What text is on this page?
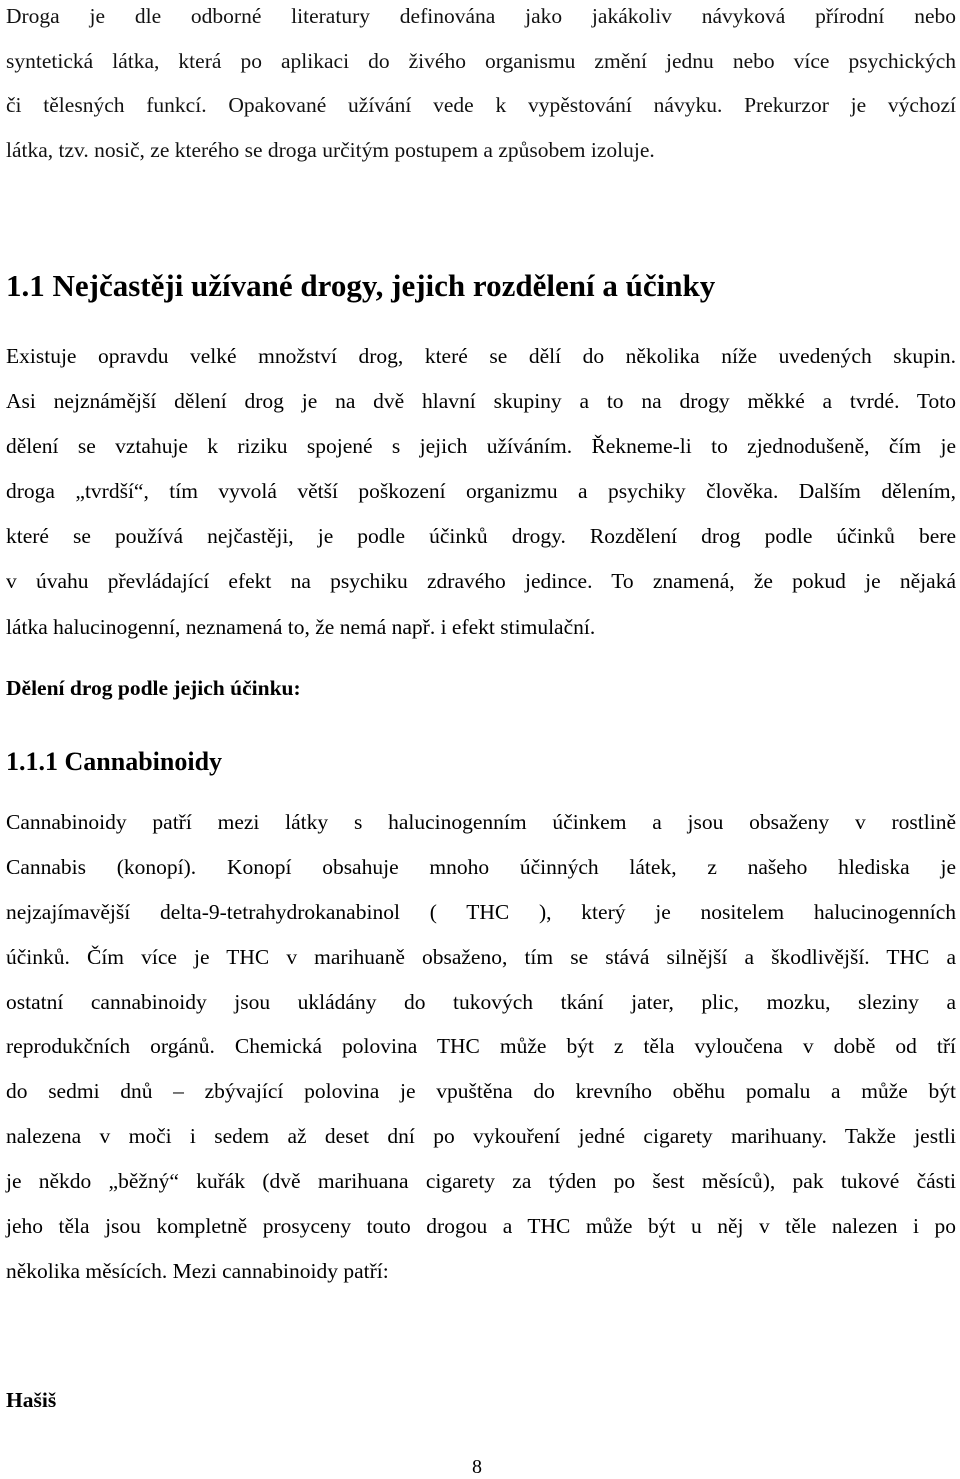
Droga je dle odborné literatury definována jako jakákoliv návyková přírodní nebo
syntetická látka, která po aplikaci do živého organismu změní jednu nebo více psychických
či tělesných funkcí. Opakované užívání vede k vypěstování návyku. Prekurzor je výchozí
látka, tzv. nosič, ze kterého se droga určitým postupem a způsobem izoluje.
1.1 Nejčastěji užívané drogy, jejich rozdělení a účinky
Existuje opravdu velké množství drog, které se dělí do několika níže uvedených skupin.
Asi nejznámější dělení drog je na dvě hlavní skupiny a to na drogy měkké a tvrdé. Toto
dělení se vztahuje k riziku spojené s jejich užíváním. Řekneme-li to zjednodušeně, čím je
droga „tvrdší“, tím vyvolá větší poškození organizmu a psychiky člověka. Dalším dělením,
které se používá nejčastěji, je podle účinků drogy. Rozdělení drog podle účinků bere
v úvahu převládající efekt na psychiku zdravého jedince. To znamená, že pokud je nějaká
látka halucinogenní, neznamená to, že nemá např. i efekt stimulační.
Dělení drog podle jejich účinku:
1.1.1 Cannabinoidy
Cannabinoidy patří mezi látky s halucinogenním účinkem a jsou obsaženy v rostlině
Cannabis (konopí). Konopí obsahuje mnoho účinných látek, z našeho hlediska je
nejzajímavější delta-9-tetrahydrokanabinol ( THC ), který je nositelem halucinogenních
účinků. Čím více je THC v marihuaně obsaženo, tím se stává silnější a škodlivější. THC a
ostatní cannabinoidy jsou ukládány do tukových tkání jater, plic, mozku, sleziny a
reprodukčních orgánů. Chemická polovina THC může být z těla vyloučena v době od tří
do sedmi dnů – zbývající polovina je vpuštěna do krevního oběhu pomalu a může být
nalezena v moči i sedem až deset dní po vykouření jedné cigarety marihuany. Takže jestli
je někdo „běžný“ kuřák (dvě marihuana cigarety za týden po šest měsíců), pak tukové části
jeho těla jsou kompletně prosyceny touto drogou a THC může být u něj v těle nalezen i po
několika měsících. Mezi cannabinoidy patří:
Hašiš
8
